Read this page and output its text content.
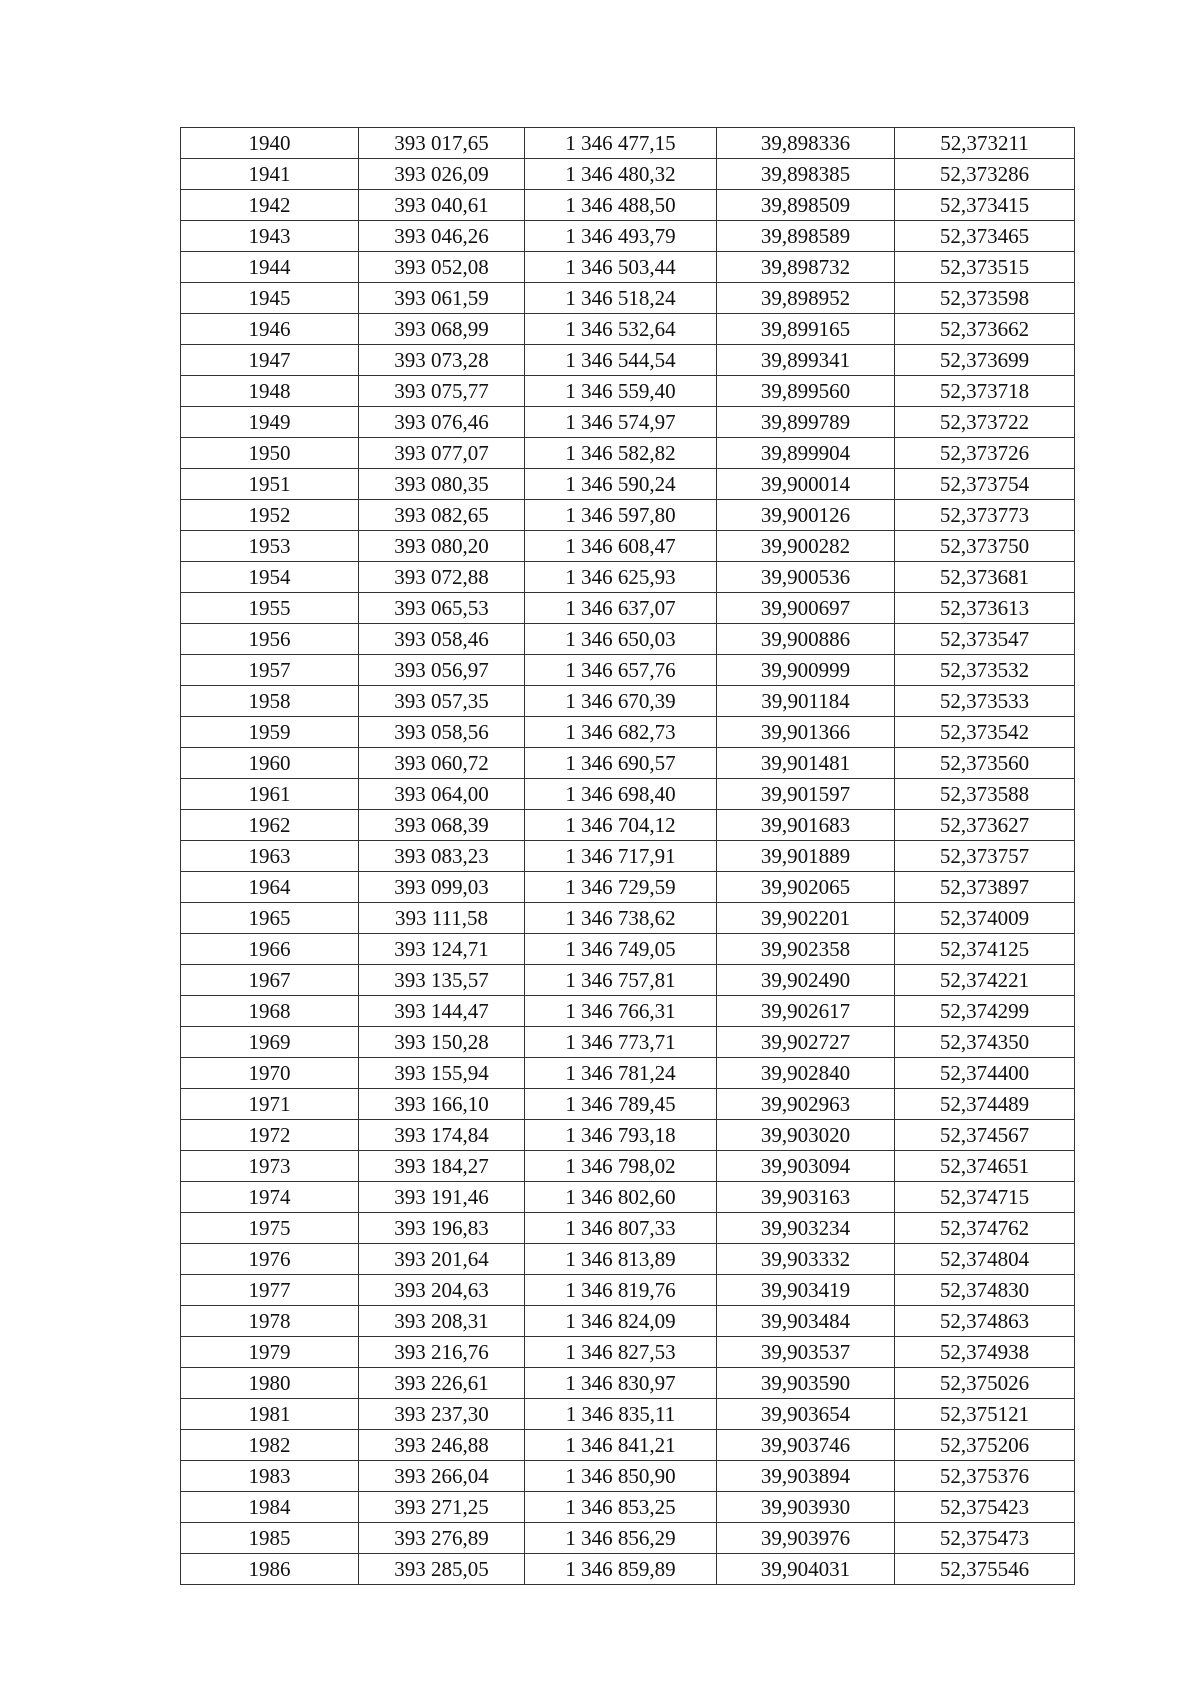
1940	393 017,65	1 346 477,15	39,898336	52,373211
1941	393 026,09	1 346 480,32	39,898385	52,373286
1942	393 040,61	1 346 488,50	39,898509	52,373415
1943	393 046,26	1 346 493,79	39,898589	52,373465
1944	393 052,08	1 346 503,44	39,898732	52,373515
1945	393 061,59	1 346 518,24	39,898952	52,373598
1946	393 068,99	1 346 532,64	39,899165	52,373662
1947	393 073,28	1 346 544,54	39,899341	52,373699
1948	393 075,77	1 346 559,40	39,899560	52,373718
1949	393 076,46	1 346 574,97	39,899789	52,373722
1950	393 077,07	1 346 582,82	39,899904	52,373726
1951	393 080,35	1 346 590,24	39,900014	52,373754
1952	393 082,65	1 346 597,80	39,900126	52,373773
1953	393 080,20	1 346 608,47	39,900282	52,373750
1954	393 072,88	1 346 625,93	39,900536	52,373681
1955	393 065,53	1 346 637,07	39,900697	52,373613
1956	393 058,46	1 346 650,03	39,900886	52,373547
1957	393 056,97	1 346 657,76	39,900999	52,373532
1958	393 057,35	1 346 670,39	39,901184	52,373533
1959	393 058,56	1 346 682,73	39,901366	52,373542
1960	393 060,72	1 346 690,57	39,901481	52,373560
1961	393 064,00	1 346 698,40	39,901597	52,373588
1962	393 068,39	1 346 704,12	39,901683	52,373627
1963	393 083,23	1 346 717,91	39,901889	52,373757
1964	393 099,03	1 346 729,59	39,902065	52,373897
1965	393 111,58	1 346 738,62	39,902201	52,374009
1966	393 124,71	1 346 749,05	39,902358	52,374125
1967	393 135,57	1 346 757,81	39,902490	52,374221
1968	393 144,47	1 346 766,31	39,902617	52,374299
1969	393 150,28	1 346 773,71	39,902727	52,374350
1970	393 155,94	1 346 781,24	39,902840	52,374400
1971	393 166,10	1 346 789,45	39,902963	52,374489
1972	393 174,84	1 346 793,18	39,903020	52,374567
1973	393 184,27	1 346 798,02	39,903094	52,374651
1974	393 191,46	1 346 802,60	39,903163	52,374715
1975	393 196,83	1 346 807,33	39,903234	52,374762
1976	393 201,64	1 346 813,89	39,903332	52,374804
1977	393 204,63	1 346 819,76	39,903419	52,374830
1978	393 208,31	1 346 824,09	39,903484	52,374863
1979	393 216,76	1 346 827,53	39,903537	52,374938
1980	393 226,61	1 346 830,97	39,903590	52,375026
1981	393 237,30	1 346 835,11	39,903654	52,375121
1982	393 246,88	1 346 841,21	39,903746	52,375206
1983	393 266,04	1 346 850,90	39,903894	52,375376
1984	393 271,25	1 346 853,25	39,903930	52,375423
1985	393 276,89	1 346 856,29	39,903976	52,375473
1986	393 285,05	1 346 859,89	39,904031	52,375546
